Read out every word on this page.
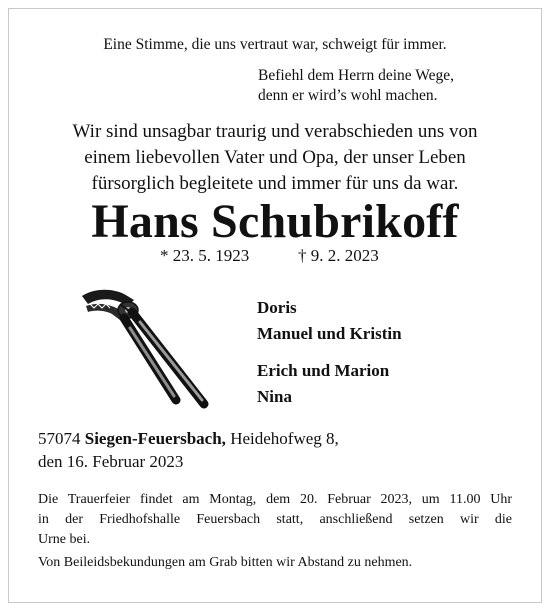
Eine Stimme, die uns vertraut war, schweigt für immer.
Befiehl dem Herrn deine Wege,
denn er wird’s wohl machen.
Wir sind unsagbar traurig und verabschieden uns von
einem liebevollen Vater und Opa, der unser Leben
fürsorglich begleitete und immer für uns da war.
Hans Schubrikoff
* 23. 5. 1923	† 9. 2. 2023
Doris
Manuel und Kristin
Erich und Marion
Nina
57074 Siegen-Feuersbach, Heidehofweg 8,
den 16. Februar 2023
Die Trauerfeier findet am Montag, dem 20. Februar 2023, um 11.00 Uhr
in der Friedhofshalle Feuersbach statt, anschließend setzen wir die
Urne bei.
Von Beileidsbekundungen am Grab bitten wir Abstand zu nehmen.
